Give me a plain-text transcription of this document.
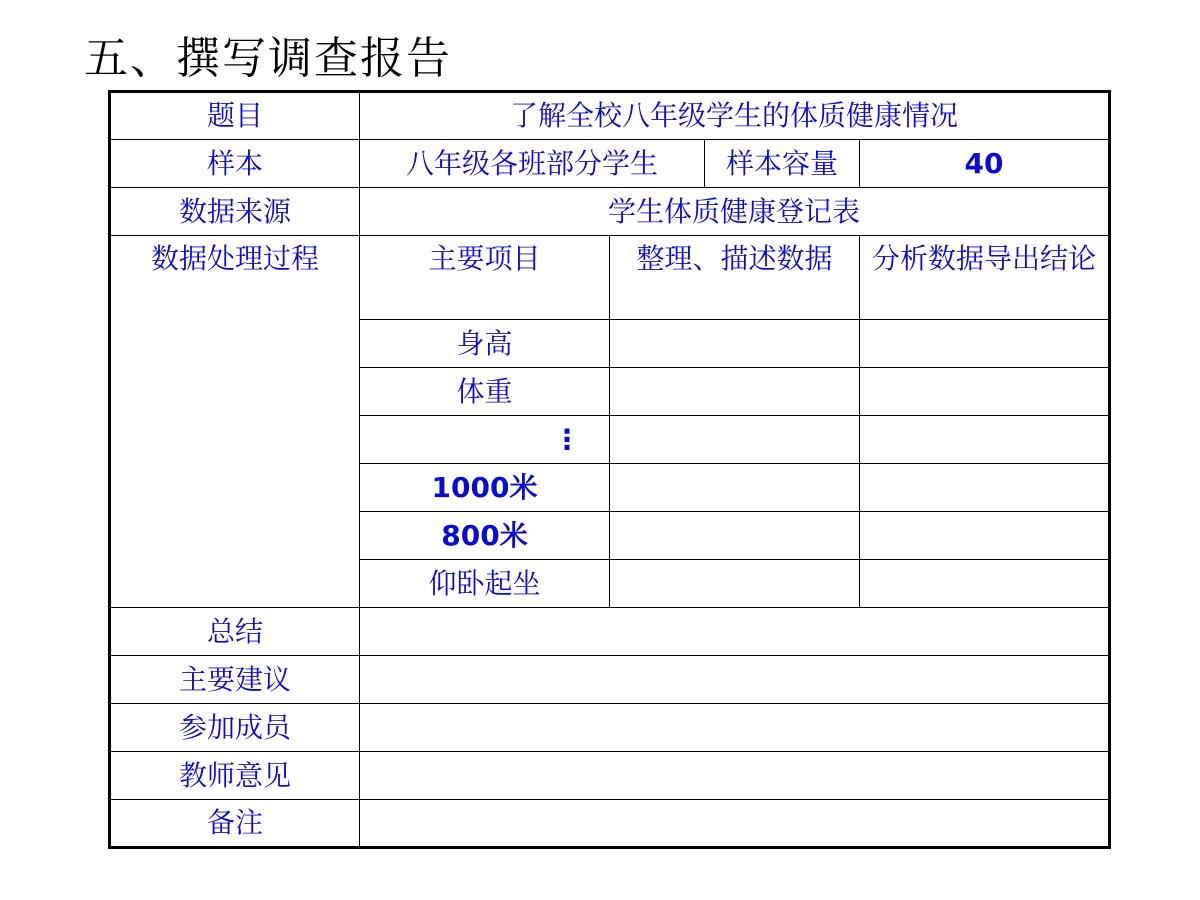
五、撰写调查报告
题目	了解全校八年级学生的体质健康情况			
样本	八年级各班部分学生		样本容量	40
数据来源	学生体质健康登记表			
数据处理过程	主要项目	整理、描述数据		分析数据导出结论
	身高			
	体重			
	⋮			
	1000米			
	800米			
	仰卧起坐			
总结				
主要建议				
参加成员				
教师意见				
备注				
